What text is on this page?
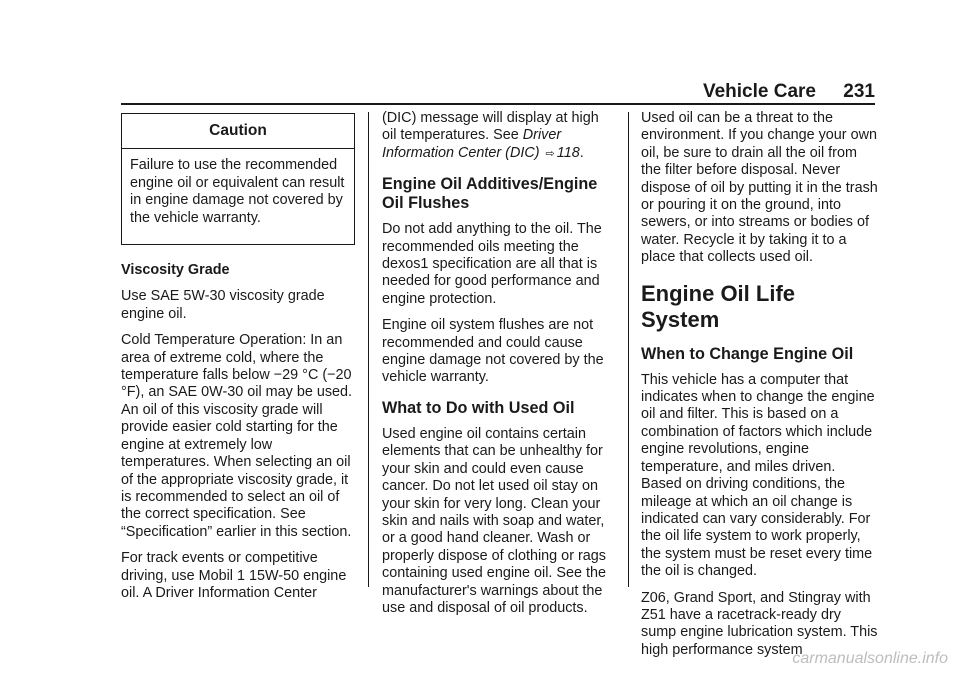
Vehicle Care 231
Caution

Failure to use the recommended engine oil or equivalent can result in engine damage not covered by the vehicle warranty.

Viscosity Grade

Use SAE 5W-30 viscosity grade engine oil.

Cold Temperature Operation: In an area of extreme cold, where the temperature falls below −29 °C (−20 °F), an SAE 0W-30 oil may be used. An oil of this viscosity grade will provide easier cold starting for the engine at extremely low temperatures. When selecting an oil of the appropriate viscosity grade, it is recommended to select an oil of the correct specification. See “Specification” earlier in this section.

For track events or competitive driving, use Mobil 1 15W-50 engine oil. A Driver Information Center

(DIC) message will display at high oil temperatures. See Driver Information Center (DIC) ⇨ 118.

Engine Oil Additives/Engine Oil Flushes

Do not add anything to the oil. The recommended oils meeting the dexos1 specification are all that is needed for good performance and engine protection.

Engine oil system flushes are not recommended and could cause engine damage not covered by the vehicle warranty.

What to Do with Used Oil

Used engine oil contains certain elements that can be unhealthy for your skin and could even cause cancer. Do not let used oil stay on your skin for very long. Clean your skin and nails with soap and water, or a good hand cleaner. Wash or properly dispose of clothing or rags containing used engine oil. See the manufacturer's warnings about the use and disposal of oil products.

Used oil can be a threat to the environment. If you change your own oil, be sure to drain all the oil from the filter before disposal. Never dispose of oil by putting it in the trash or pouring it on the ground, into sewers, or into streams or bodies of water. Recycle it by taking it to a place that collects used oil.

Engine Oil Life System
When to Change Engine Oil

This vehicle has a computer that indicates when to change the engine oil and filter. This is based on a combination of factors which include engine revolutions, engine temperature, and miles driven. Based on driving conditions, the mileage at which an oil change is indicated can vary considerably. For the oil life system to work properly, the system must be reset every time the oil is changed.

Z06, Grand Sport, and Stingray with Z51 have a racetrack-ready dry sump engine lubrication system. This high performance system

carmanualsonline.info
